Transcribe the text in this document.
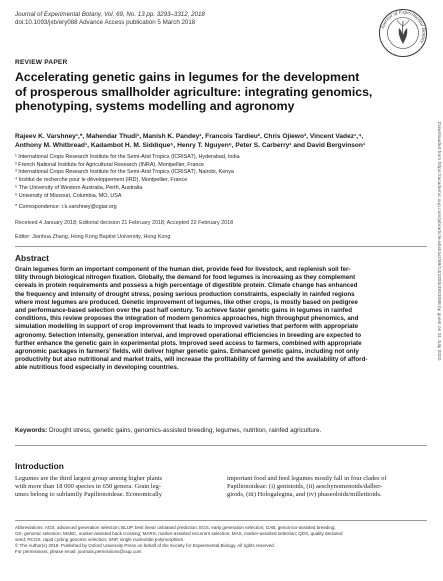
Journal of Experimental Botany, Vol. 69, No. 13 pp. 3293–3312, 2018
doi:10.1093/jxb/ery088 Advance Access publication 5 March 2018
Journal of Experimental Botany
REVIEW PAPER
Accelerating genetic gains in legumes for the development
of prosperous smallholder agriculture: integrating genomics,
phenotyping, systems modelling and agronomy
Rajeev K. Varshney¹,*, Mahendar Thudi¹, Manish K. Pandey¹, Francois Tardieu², Chris Ojiewo³, Vincent Vadez¹,⁴,
Anthony M. Whitbread¹, Kadambot H. M. Siddique⁵, Henry T. Nguyen⁶, Peter S. Carberry¹ and David Bergvinson¹
¹ International Crops Research Institute for the Semi-Arid Tropics (ICRISAT), Hyderabad, India
² French National Institute for Agricultural Research (INRA), Montpellier, France
³ International Crops Research Institute for the Semi-Arid Tropics (ICRISAT), Nairobi, Kenya
⁴ Institut de recherche pour le développement (IRD), Montpellier, France
⁵ The University of Western Australia, Perth, Australia
⁶ University of Missouri, Columbia, MO, USA
* Correspondence: r.k.varshney@cgiar.org
Received 4 January 2018; Editorial decision 21 February 2018; Accepted 22 February 2018
Editor: Jianhua Zhang, Hong Kong Baptist University, Hong Kong
Abstract
Grain legumes form an important component of the human diet, provide feed for livestock, and replenish soil fer-
tility through biological nitrogen fixation. Globally, the demand for food legumes is increasing as they complement
cereals in protein requirements and possess a high percentage of digestible protein. Climate change has enhanced
the frequency and intensity of drought stress, posing serious production constraints, especially in rainfed regions
where most legumes are produced. Genetic improvement of legumes, like other crops, is mostly based on pedigree
and performance-based selection over the past half century. To achieve faster genetic gains in legumes in rainfed
conditions, this review proposes the integration of modern genomics approaches, high throughput phenomics, and
simulation modelling in support of crop improvement that leads to improved varieties that perform with appropriate
agronomy. Selection intensity, generation interval, and improved operational efficiencies in breeding are expected to
further enhance the genetic gain in experimental plots. Improved seed access to farmers, combined with appropriate
agronomic packages in farmers’ fields, will deliver higher genetic gains. Enhanced genetic gains, including not only
productivity but also nutritional and market traits, will increase the profitability of farming and the availability of afford-
able nutritious food especially in developing countries.
Keywords: Drought stress, genetic gains, genomics-assisted breeding, legumes, nutrition, rainfed agriculture.
Introduction
Legumes are the third largest group among higher plants
with more than 18 000 species in 650 genera. Grain leg-
umes belong to subfamily Papilionoideae. Economically
important food and feed legumes mostly fall in four clades of
Papilionoideae: (i) genistoids, (ii) aeschynomenoids/dalber-
gioids, (iii) Hologalegina, and (iv) phaseoloids/millettioids.
Abbreviations: AGS, advanced generation selection; BLUP, best linear unbiased prediction; EGS, early generation selection; GAB, genomics-assisted breeding;
GS, genomic selection; MABC, marker-assisted back crossing; MARS, marker-assisted recurrent selection; MAS, marker-assisted selection; QDS, quality declared
seed; RCGS, rapid cycling genomic selection; SNP, single nucleotide polymorphism.
© The Author(s) 2018. Published by Oxford University Press on behalf of the Society for Experimental Biology. All rights reserved.
For permissions, please email: journals.permissions@oup.com
Downloaded from https://academic.oup.com/jxb/article-abstract/69/13/3293/4923088 by guest on 01 July 2020
